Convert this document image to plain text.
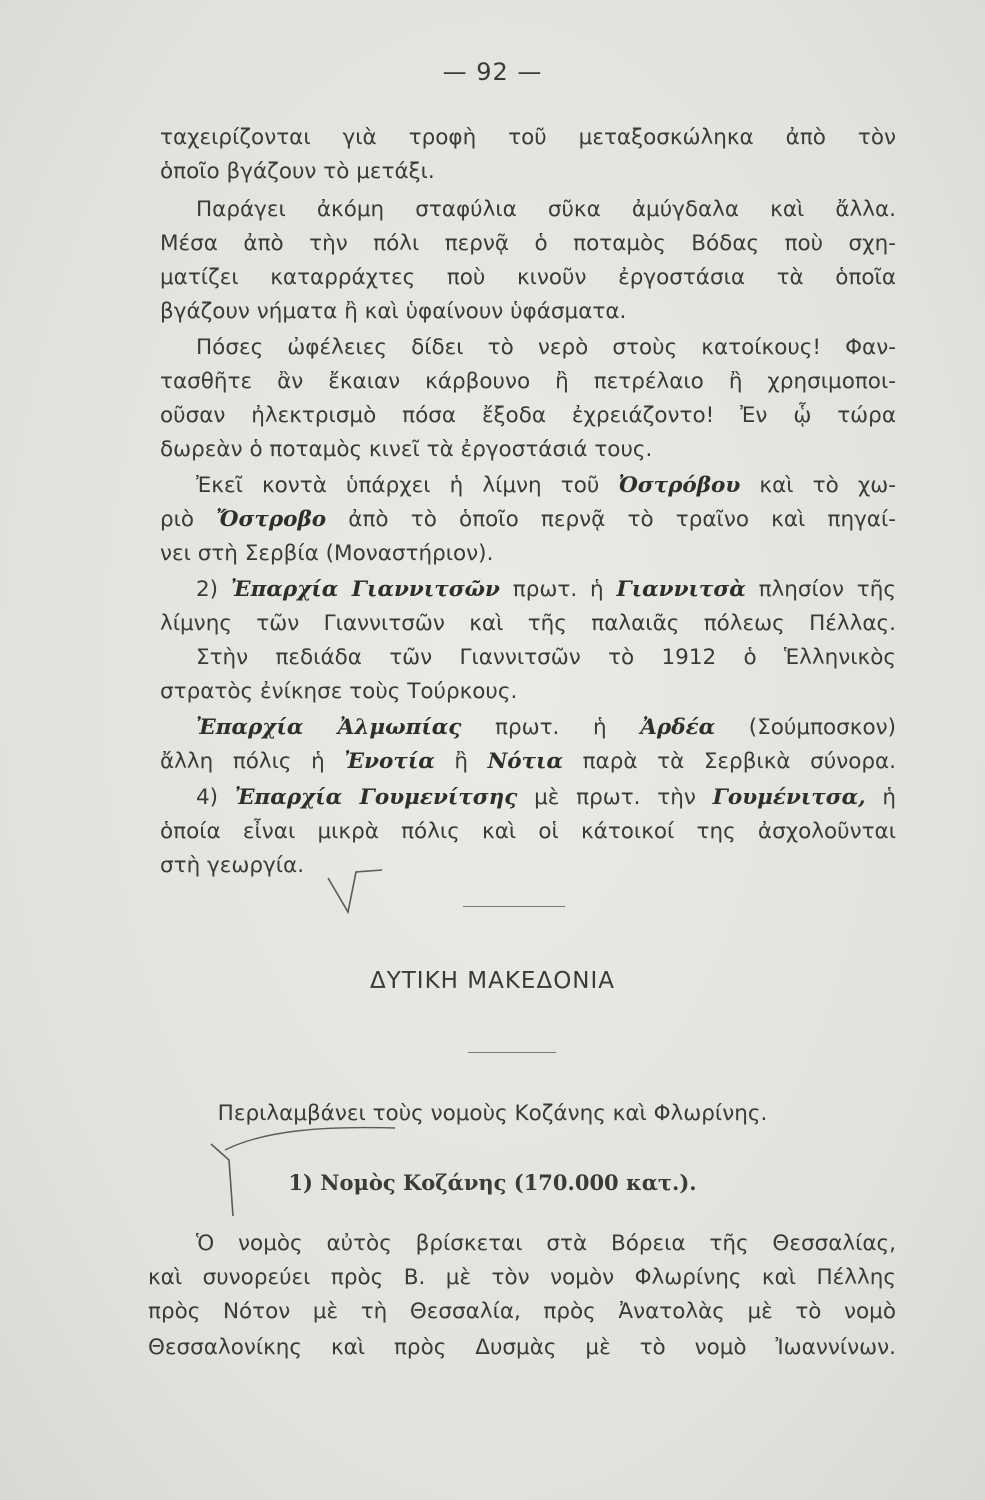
— 92 —
ταχειρίζονται γιὰ τροφὴ τοῦ μεταξοσκώληκα ἀπὸ τὸν
ὁποῖο βγάζουν τὸ μετάξι.
Παράγει ἀκόμη σταφύλια σῦκα ἀμύγδαλα καὶ ἄλλα.
Μέσα ἀπὸ τὴν πόλι περνᾷ ὁ ποταμὸς Βόδας ποὺ σχη-
ματίζει καταρράχτες ποὺ κινοῦν ἐργοστάσια τὰ ὁποῖα
βγάζουν νήματα ἢ καὶ ὑφαίνουν ὑφάσματα.
Πόσες ὠφέλειες δίδει τὸ νερὸ στοὺς κατοίκους! Φαν-
τασθῆτε ἂν ἔκαιαν κάρβουνο ἢ πετρέλαιο ἢ χρησιμοποι-
οῦσαν ἠλεκτρισμὸ πόσα ἔξοδα ἐχρειάζοντο! Ἐν ᾧ τώρα
δωρεὰν ὁ ποταμὸς κινεῖ τὰ ἐργοστάσιά τους.
Ἐκεῖ κοντὰ ὑπάρχει ἡ λίμνη τοῦ Ὀστρόβου καὶ τὸ χω-
ριὸ Ὄστροβο ἀπὸ τὸ ὁποῖο περνᾷ τὸ τραῖνο καὶ πηγαί-
νει στὴ Σερβία (Μοναστήριον).
2) Ἐπαρχία Γιαννιτσῶν πρωτ. ἡ Γιαννιτσὰ πλησίον τῆς
λίμνης τῶν Γιαννιτσῶν καὶ τῆς παλαιᾶς πόλεως Πέλλας.
Στὴν πεδιάδα τῶν Γιαννιτσῶν τὸ 1912 ὁ Ἑλληνικὸς
στρατὸς ἐνίκησε τοὺς Τούρκους.
Ἐπαρχία Ἀλμωπίας πρωτ. ἡ Ἀρδέα (Σούμποσκον)
ἄλλη πόλις ἡ Ἐνοτία ἢ Νότια παρὰ τὰ Σερβικὰ σύνορα.
4) Ἐπαρχία Γουμενίτσης μὲ πρωτ. τὴν Γουμένιτσα, ἡ
ὁποία εἶναι μικρὰ πόλις καὶ οἱ κάτοικοί της ἀσχολοῦνται
στὴ γεωργία.
ΔΥΤΙΚΗ ΜΑΚΕΔΟΝΙΑ
Περιλαμβάνει τοὺς νομοὺς Κοζάνης καὶ Φλωρίνης.
1) Νομὸς Κοζάνης (170.000 κατ.).
Ὁ νομὸς αὐτὸς βρίσκεται στὰ Βόρεια τῆς Θεσσαλίας,
καὶ συνορεύει πρὸς Β. μὲ τὸν νομὸν Φλωρίνης καὶ Πέλλης
πρὸς Νότον μὲ τὴ Θεσσαλία, πρὸς Ἀνατολὰς μὲ τὸ νομὸ
Θεσσαλονίκης καὶ πρὸς Δυσμὰς μὲ τὸ νομὸ Ἰωαννίνων.
